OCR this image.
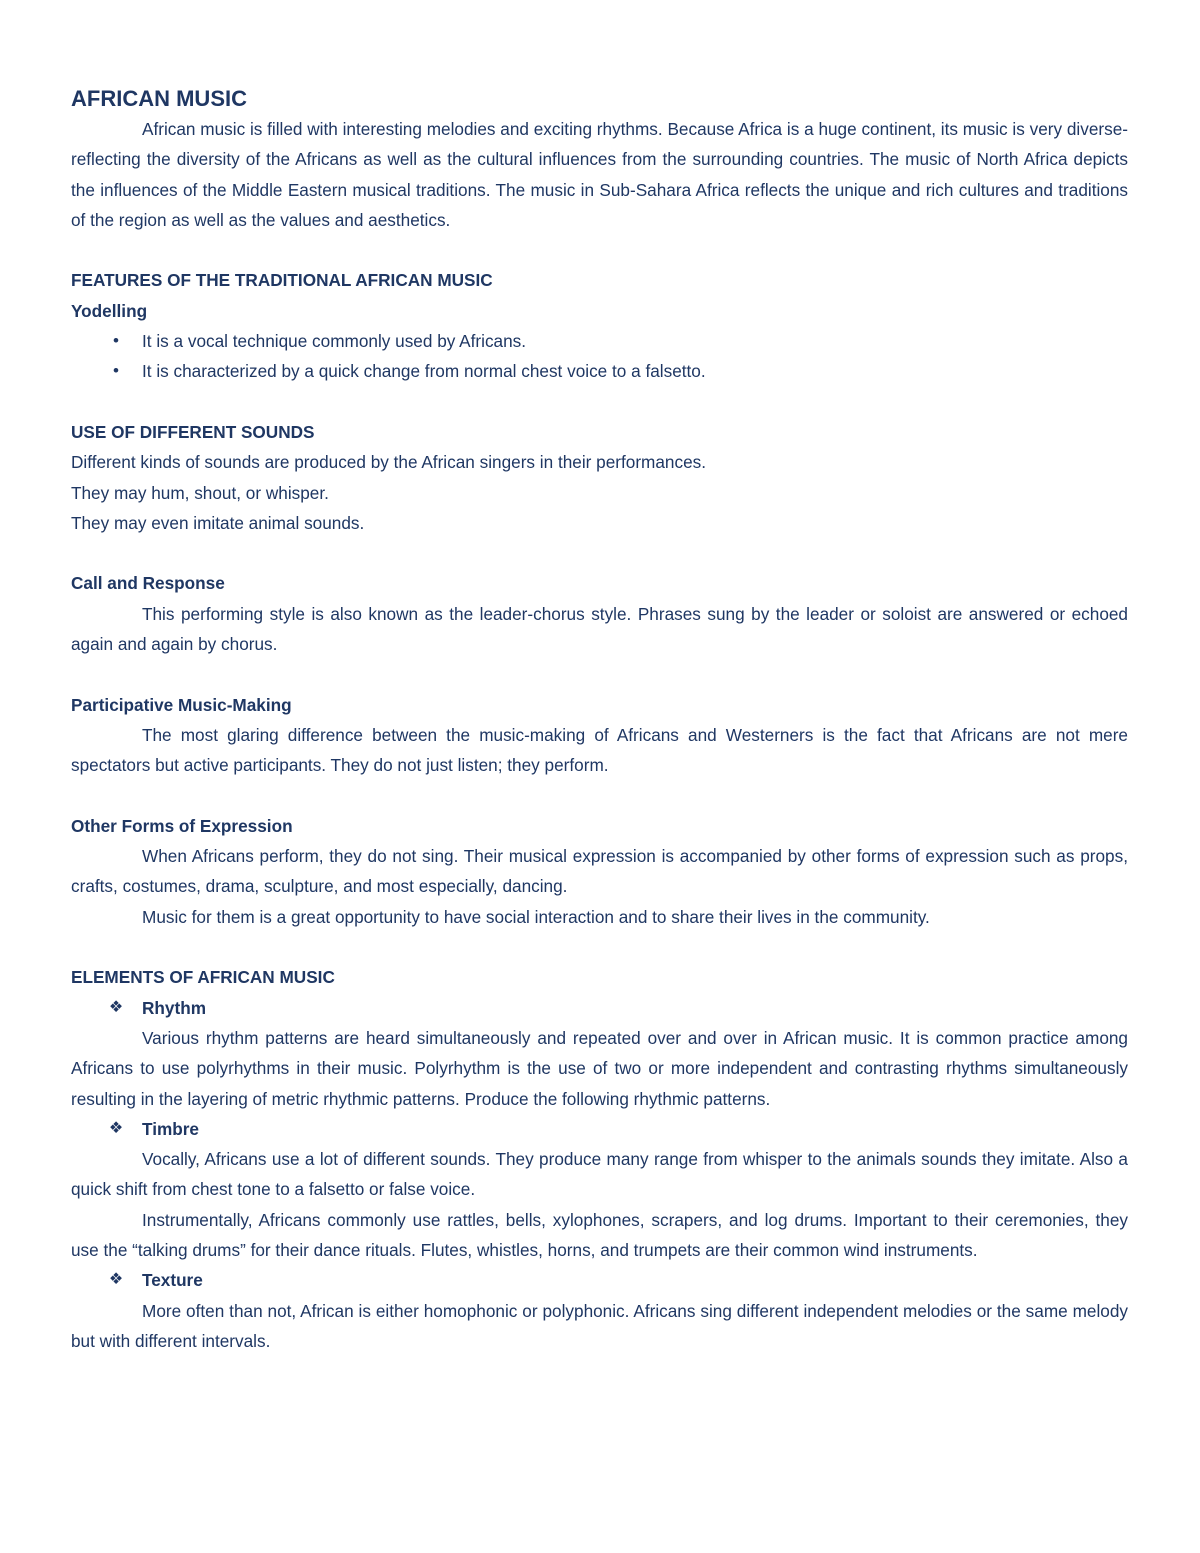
AFRICAN MUSIC

African music is filled with interesting melodies and exciting rhythms. Because Africa is a huge continent, its music is very diverse-reflecting the diversity of the Africans as well as the cultural influences from the surrounding countries. The music of North Africa depicts the influences of the Middle Eastern musical traditions. The music in Sub-Sahara Africa reflects the unique and rich cultures and traditions of the region as well as the values and aesthetics.

FEATURES OF THE TRADITIONAL AFRICAN MUSIC
Yodelling
•	It is a vocal technique commonly used by Africans.
•	It is characterized by a quick change from normal chest voice to a falsetto.
USE OF DIFFERENT SOUNDS

Different kinds of sounds are produced by the African singers in their performances.

They may hum, shout, or whisper.

They may even imitate animal sounds.

Call and Response

This performing style is also known as the leader-chorus style. Phrases sung by the leader or soloist are answered or echoed again and again by chorus.

Participative Music-Making

The most glaring difference between the music-making of Africans and Westerners is the fact that Africans are not mere spectators but active participants. They do not just listen; they perform.

Other Forms of Expression

When Africans perform, they do not sing. Their musical expression is accompanied by other forms of expression such as props, crafts, costumes, drama, sculpture, and most especially, dancing.

Music for them is a great opportunity to have social interaction and to share their lives in the community.

ELEMENTS OF AFRICAN MUSIC
❖ Rhythm

Various rhythm patterns are heard simultaneously and repeated over and over in African music. It is common practice among Africans to use polyrhythms in their music. Polyrhythm is the use of two or more independent and contrasting rhythms simultaneously resulting in the layering of metric rhythmic patterns. Produce the following rhythmic patterns.

❖ Timbre

Vocally, Africans use a lot of different sounds. They produce many range from whisper to the animals sounds they imitate. Also a quick shift from chest tone to a falsetto or false voice.

Instrumentally, Africans commonly use rattles, bells, xylophones, scrapers, and log drums. Important to their ceremonies, they use the “talking drums” for their dance rituals. Flutes, whistles, horns, and trumpets are their common wind instruments.

❖ Texture

More often than not, African is either homophonic or polyphonic. Africans sing different independent melodies or the same melody but with different intervals.
